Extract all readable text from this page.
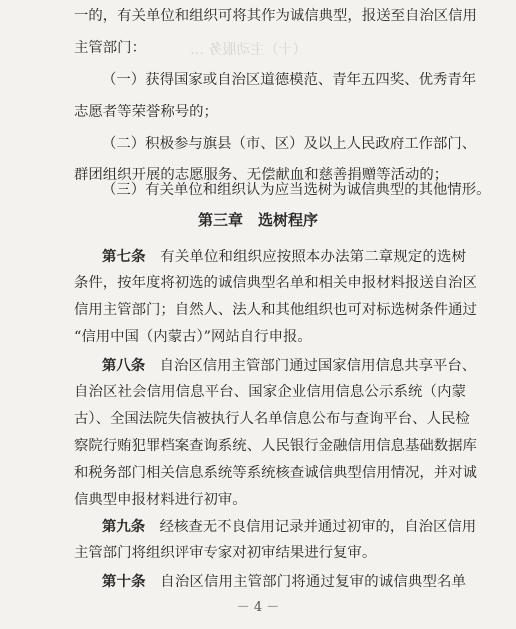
（十）主动服务 …
一的，有关单位和组织可将其作为诚信典型，报送至自治区信用
主管部门：
（一）获得国家或自治区道德模范、青年五四奖、优秀青年
志愿者等荣誉称号的；
（二）积极参与旗县（市、区）及以上人民政府工作部门、
群团组织开展的志愿服务、无偿献血和慈善捐赠等活动的；
（三）有关单位和组织认为应当选树为诚信典型的其他情形。
第三章　选树程序
第七条　 有关单位和组织应按照本办法第二章规定的选树
条件，按年度将初选的诚信典型名单和相关申报材料报送自治区
信用主管部门；自然人、法人和其他组织也可对标选树条件通过
“信用中国（内蒙古）”网站自行申报。
第八条　 自治区信用主管部门通过国家信用信息共享平台、
自治区社会信用信息平台、国家企业信用信息公示系统（内蒙
古）、全国法院失信被执行人名单信息公布与查询平台、人民检
察院行贿犯罪档案查询系统、人民银行金融信用信息基础数据库
和税务部门相关信息系统等系统核查诚信典型信用情况，并对诚
信典型申报材料进行初审。
第九条　 经核查无不良信用记录并通过初审的，自治区信用
主管部门将组织评审专家对初审结果进行复审。
第十条　 自治区信用主管部门将通过复审的诚信典型名单
－ 4 －
